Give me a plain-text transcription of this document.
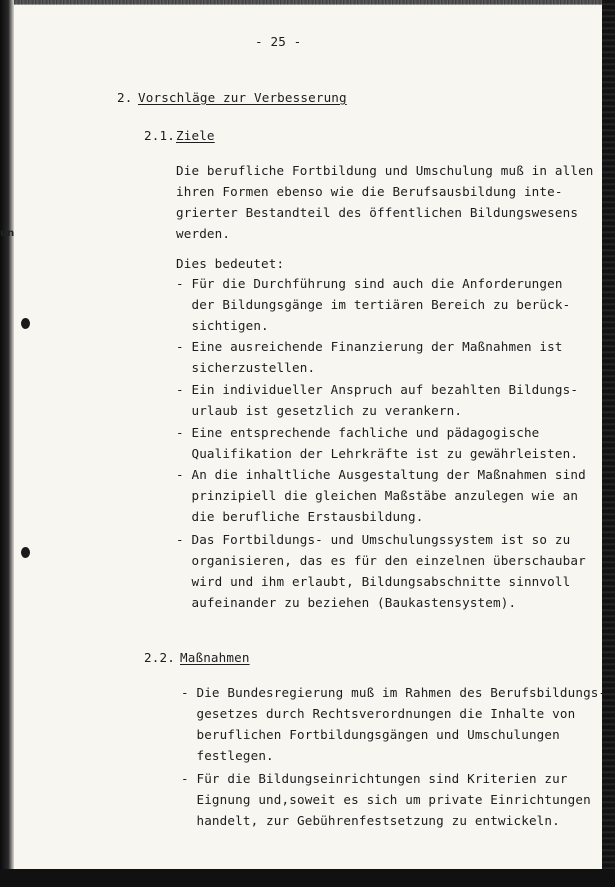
un
- 25 -
2. Vorschläge zur Verbesserung
2.1. Ziele
Die berufliche Fortbildung und Umschulung muß in allen
ihren Formen ebenso wie die Berufsausbildung inte-
grierter Bestandteil des öffentlichen Bildungswesens
werden.
Dies bedeutet:
- Für die Durchführung sind auch die Anforderungen
der Bildungsgänge im tertiären Bereich zu berück-
sichtigen.
- Eine ausreichende Finanzierung der Maßnahmen ist
sicherzustellen.
- Ein individueller Anspruch auf bezahlten Bildungs-
urlaub ist gesetzlich zu verankern.
- Eine entsprechende fachliche und pädagogische
Qualifikation der Lehrkräfte ist zu gewährleisten.
- An die inhaltliche Ausgestaltung der Maßnahmen sind
prinzipiell die gleichen Maßstäbe anzulegen wie an
die berufliche Erstausbildung.
- Das Fortbildungs- und Umschulungssystem ist so zu
organisieren, das es für den einzelnen überschaubar
wird und ihm erlaubt, Bildungsabschnitte sinnvoll
aufeinander zu beziehen (Baukastensystem).
2.2. Maßnahmen
- Die Bundesregierung muß im Rahmen des Berufsbildungs-
gesetzes durch Rechtsverordnungen die Inhalte von
beruflichen Fortbildungsgängen und Umschulungen
festlegen.
- Für die Bildungseinrichtungen sind Kriterien zur
Eignung und,soweit es sich um private Einrichtungen
handelt, zur Gebührenfestsetzung zu entwickeln.
